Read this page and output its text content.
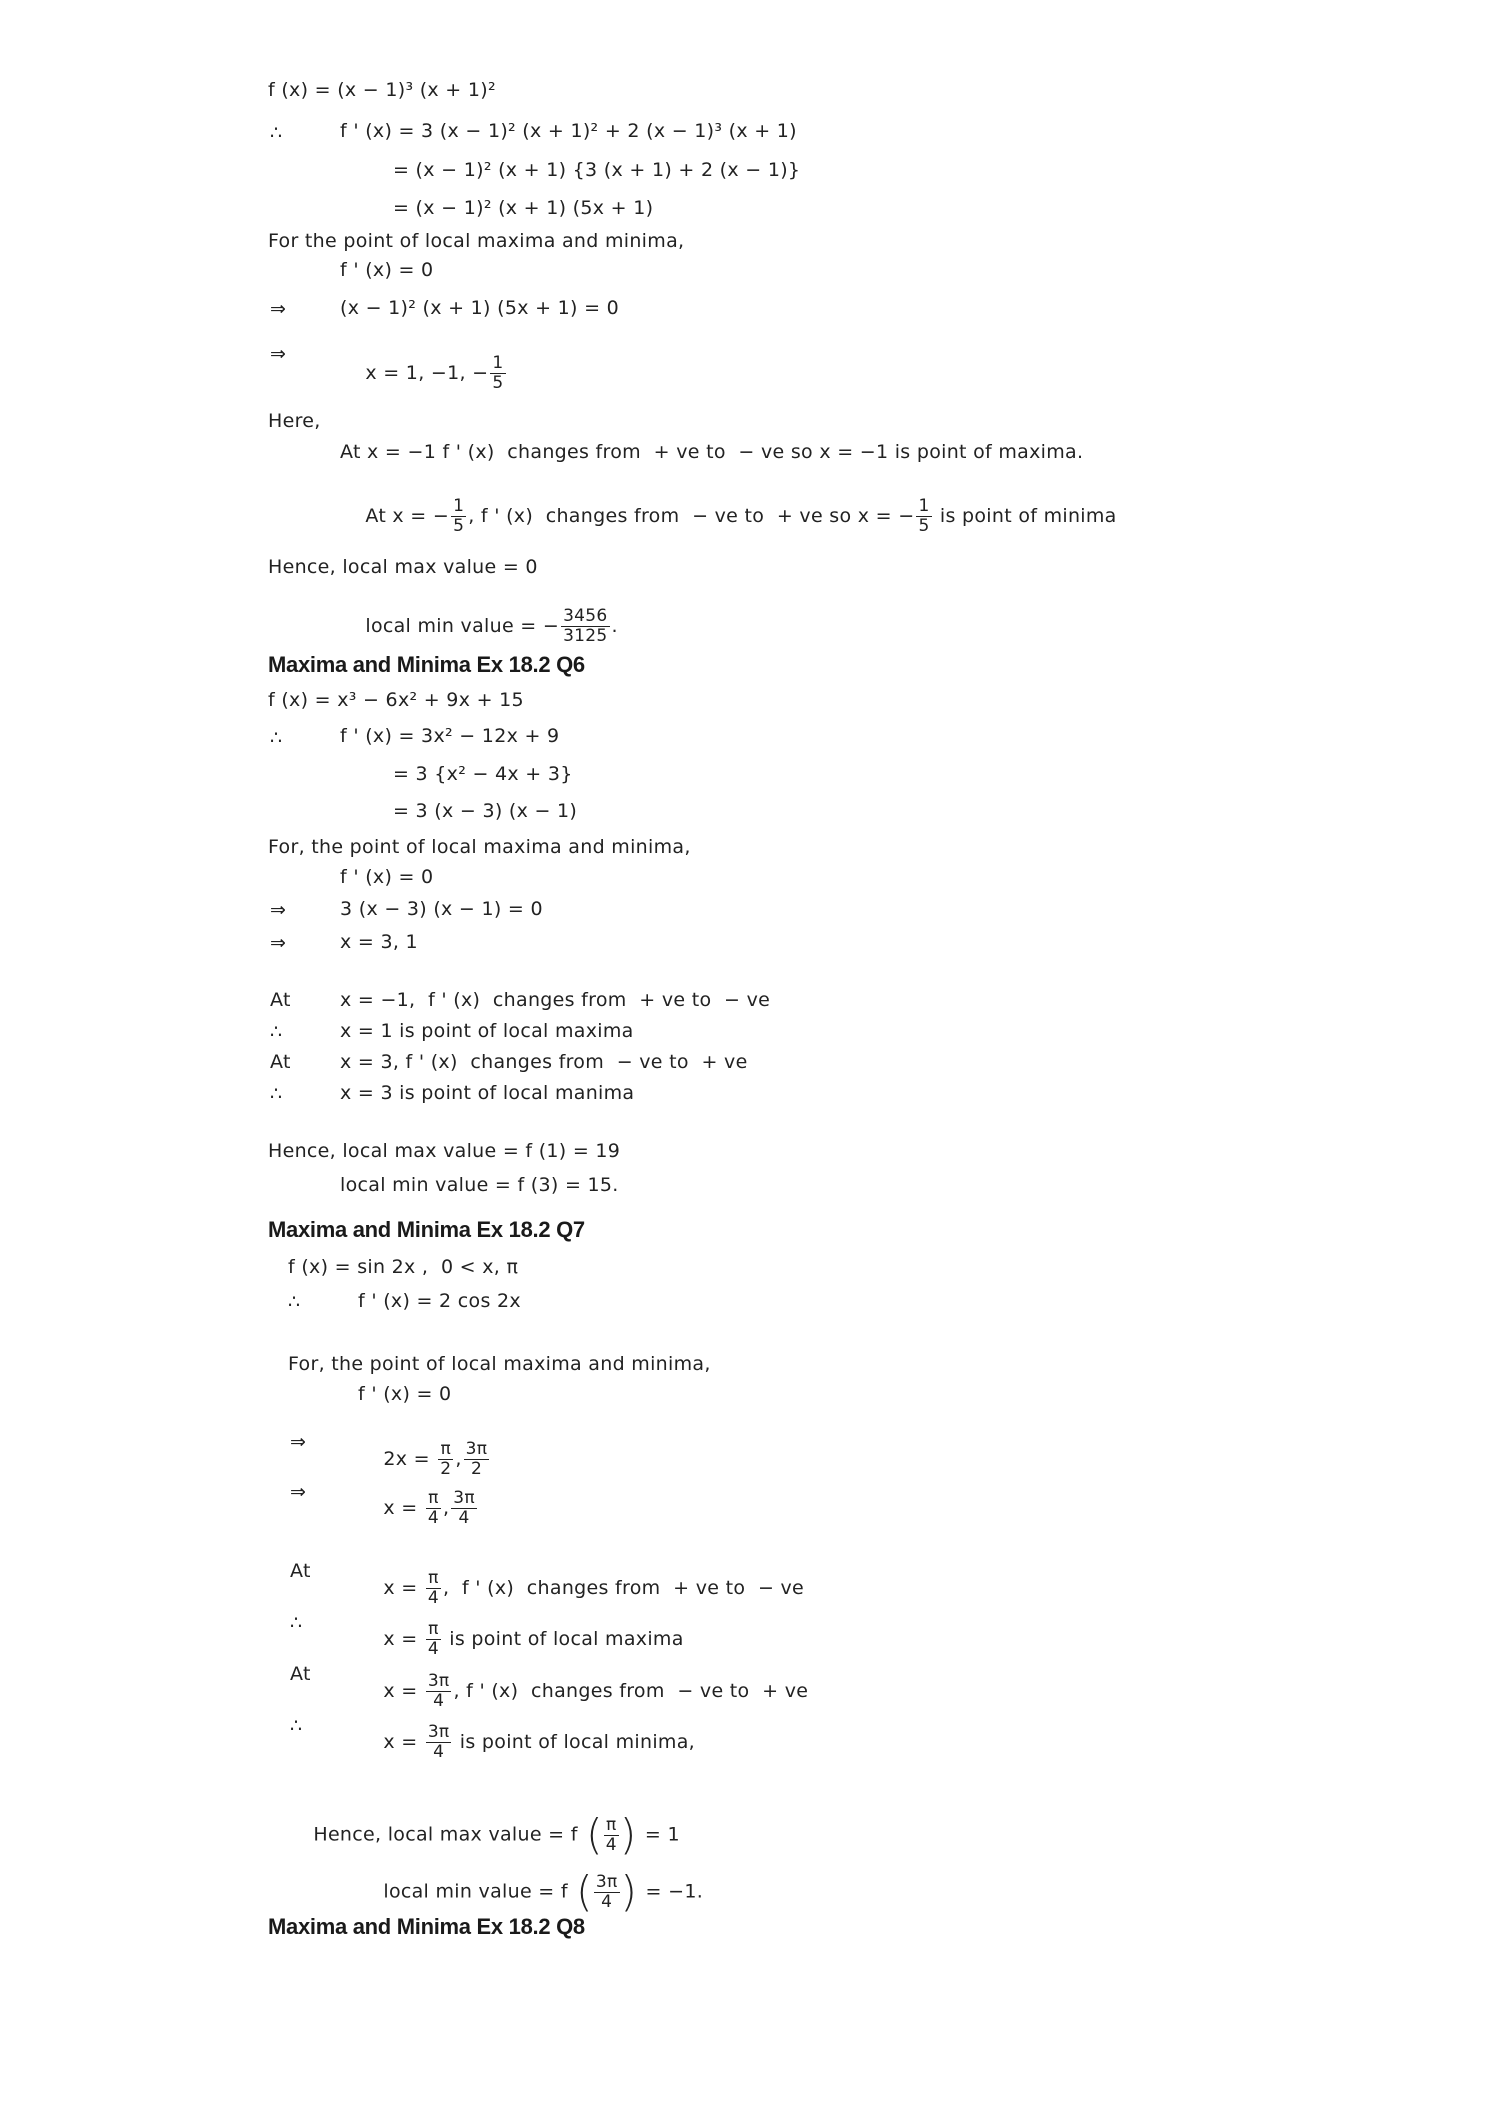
f (x) = (x − 1)³ (x + 1)²
∴	f ' (x) = 3 (x − 1)² (x + 1)² + 2 (x − 1)³ (x + 1)
= (x − 1)² (x + 1) {3 (x + 1) + 2 (x − 1)}
= (x − 1)² (x + 1) (5x + 1)
For the point of local maxima and minima,
f ' (x) = 0
⇒	(x − 1)² (x + 1) (5x + 1) = 0
⇒

x = 1, −1, − $\frac{1}{5}$

Here,
At x = −1 f ' (x)  changes from  + ve to  − ve so x = −1 is point of maxima.

At x = − $\frac{1}{5}$ , f ' (x)  changes from  − ve to  + ve so x = − $\frac{1}{5}$ is point of minima

Hence, local max value = 0

local min value = − $\frac{3456}{3125}$ .

Maxima and Minima Ex 18.2 Q6
f (x) = x³ − 6x² + 9x + 15
∴	f ' (x) = 3x² − 12x + 9
= 3 {x² − 4x + 3}
= 3 (x − 3) (x − 1)
For, the point of local maxima and minima,
f ' (x) = 0
⇒	3 (x − 3) (x − 1) = 0
⇒	x = 3, 1
At	x = −1,  f ' (x)  changes from  + ve to  − ve
∴	x = 1 is point of local maxima
At	x = 3, f ' (x)  changes from  − ve to  + ve
∴	x = 3 is point of local manima
Hence, local max value = f (1) = 19
local min value = f (3) = 15.
Maxima and Minima Ex 18.2 Q7
f (x) = sin 2x ,  0 < x, π
∴	f ' (x) = 2 cos 2x
For, the point of local maxima and minima,
f ' (x) = 0
⇒

$2x = \frac{\pi}{2}$ , $\frac{3\pi}{2}$

⇒

$x = \frac{\pi}{4}$ , $\frac{3\pi}{4}$

At

$x = \frac{\pi}{4}$ ,  f ' (x)  changes from  + ve to  − ve

∴

$x = \frac{\pi}{4}$ is point of local maxima

At

$x = \frac{3\pi}{4}$ , f ' (x)  changes from  − ve to  + ve

∴

$x = \frac{3\pi}{4}$ is point of local minima,

Hence, local max value = f ( $\frac{\pi}{4}$ ) = 1

local min value = f ( $\frac{3\pi}{4}$ ) = −1.

Maxima and Minima Ex 18.2 Q8
